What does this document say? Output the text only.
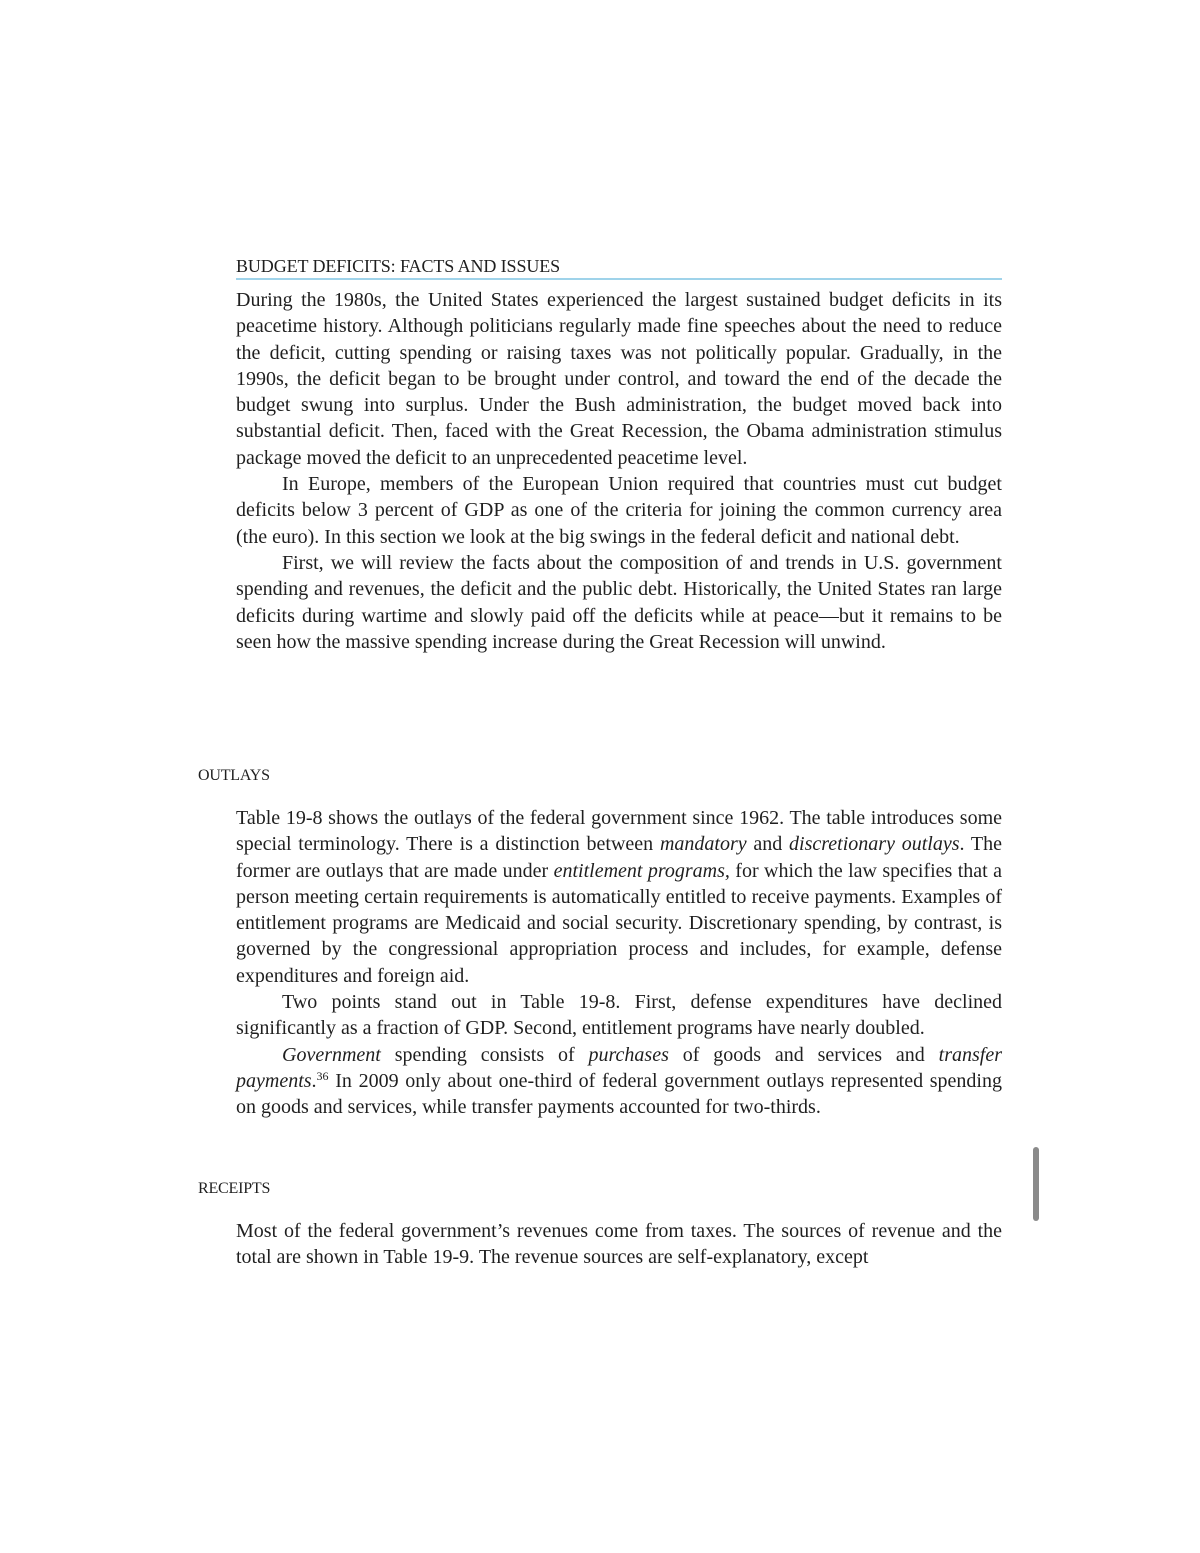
BUDGET DEFICITS: FACTS AND ISSUES

During the 1980s, the United States experienced the largest sustained budget deficits in its peacetime history. Although politicians regularly made fine speeches about the need to reduce the deficit, cutting spending or raising taxes was not politically popular. Gradually, in the 1990s, the deficit began to be brought under control, and toward the end of the decade the budget swung into surplus. Under the Bush administration, the budget moved back into substantial deficit. Then, faced with the Great Recession, the Obama administration stimulus package moved the deficit to an unprecedented peacetime level.

In Europe, members of the European Union required that countries must cut budget deficits below 3 percent of GDP as one of the criteria for joining the common currency area (the euro). In this section we look at the big swings in the federal deficit and national debt.

First, we will review the facts about the composition of and trends in U.S. government spending and revenues, the deficit and the public debt. Historically, the United States ran large deficits during wartime and slowly paid off the deficits while at peace—but it remains to be seen how the massive spending increase during the Great Recession will unwind.

OUTLAYS

Table 19-8 shows the outlays of the federal government since 1962. The table introduces some special terminology. There is a distinction between mandatory and discretionary outlays. The former are outlays that are made under entitlement programs, for which the law specifies that a person meeting certain requirements is automatically entitled to receive payments. Examples of entitlement programs are Medicaid and social security. Discretionary spending, by contrast, is governed by the congressional appropriation process and includes, for example, defense expenditures and foreign aid.

Two points stand out in Table 19-8. First, defense expenditures have declined significantly as a fraction of GDP. Second, entitlement programs have nearly doubled.

Government spending consists of purchases of goods and services and transfer payments.$^{36}$ In 2009 only about one-third of federal government outlays represented spending on goods and services, while transfer payments accounted for two-thirds.

RECEIPTS

Most of the federal government’s revenues come from taxes. The sources of revenue and the total are shown in Table 19-9. The revenue sources are self-explanatory, except
